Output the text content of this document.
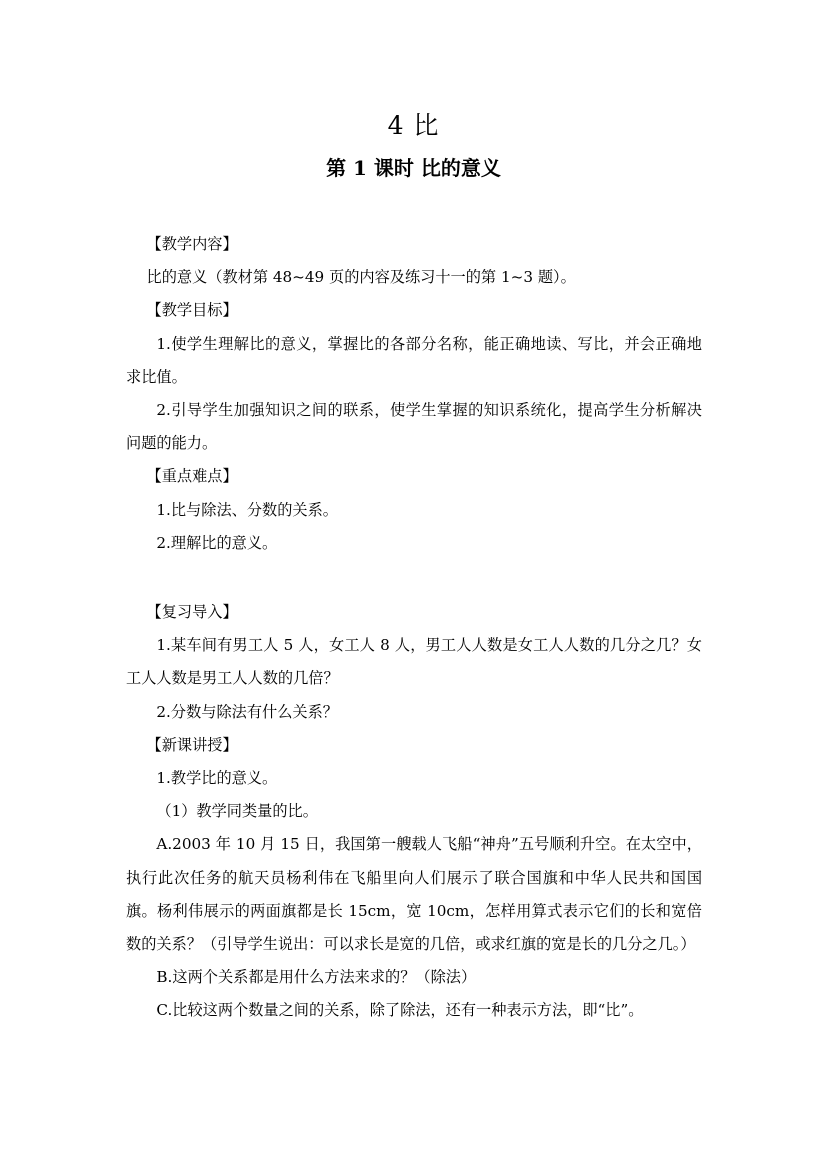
4 比
第 1 课时 比的意义

【教学内容】

比的意义（教材第 48~49 页的内容及练习十一的第 1~3 题）。

【教学目标】

1.使学生理解比的意义，掌握比的各部分名称，能正确地读、写比，并会正确地求比值。

2.引导学生加强知识之间的联系，使学生掌握的知识系统化，提高学生分析解决问题的能力。

【重点难点】

1.比与除法、分数的关系。

2.理解比的意义。

【复习导入】

1.某车间有男工人 5 人，女工人 8 人，男工人人数是女工人人数的几分之几？女工人人数是男工人人数的几倍？

2.分数与除法有什么关系？

【新课讲授】

1.教学比的意义。

（1）教学同类量的比。

A.2003 年 10 月 15 日，我国第一艘载人飞船“神舟”五号顺利升空。在太空中，执行此次任务的航天员杨利伟在飞船里向人们展示了联合国旗和中华人民共和国国旗。杨利伟展示的两面旗都是长 15cm，宽 10cm，怎样用算式表示它们的长和宽倍数的关系？（引导学生说出：可以求长是宽的几倍，或求红旗的宽是长的几分之几。）

B.这两个关系都是用什么方法来求的？（除法）

C.比较这两个数量之间的关系，除了除法，还有一种表示方法，即“比”。
